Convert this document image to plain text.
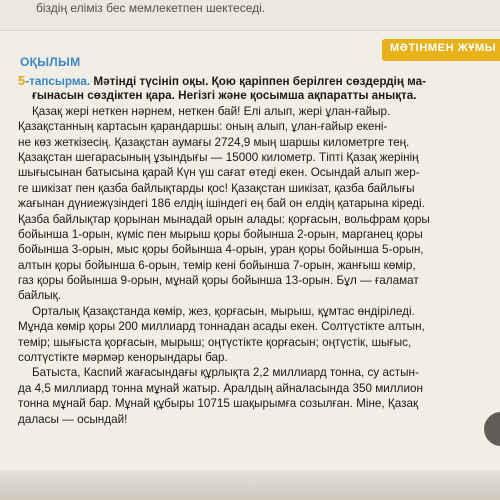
біздің еліміз бес мемлекетпен шектеседі.
МӘТІНМЕН ЖҰМЫ
ОҚЫЛЫМ
5-тапсырма. Мәтінді түсініп оқы. Қою қаріппен берілген сөздердің ма-
ғынасын сөздіктен қара. Негізгі және қосымша ақпаратты анықта.
Қазақ жері неткен нәрнем, неткен бай! Елі алып, жері ұлан-ғайыр.
Қазақстанның картасын қарандаршы: оның алып, ұлан-ғайыр екені-
не көз жеткізесің. Қазақстан аумағы 2724,9 мың шаршы километрге тең.
Қазақстан шегарасының ұзындығы — 15000 километр. Тіпті Қазақ жерінің
шығысынан батысына қарай Күн үш сағат өтеді екен. Осындай алып жер-
ге шикізат пен қазба байлықтарды қос! Қазақстан шикізат, қазба байлығы
жағынан дүниежүзіндегі 186 елдің ішіндегі ең бай он елдің қатарына кіреді.
Қазба байлықтар қорынан мынадай орын алады: қорғасын, вольфрам қоры
бойынша 1-орын, күміс пен мырыш қоры бойынша 2-орын, марганец қоры
бойынша 3-орын, мыс қоры бойынша 4-орын, уран қоры бойынша 5-орын,
алтын қоры бойынша 6-орын, темір кені бойынша 7-орын, жанғыш көмір,
газ қоры бойынша 9-орын, мұнай қоры бойынша 13-орын. Бұл — ғаламат
байлық.
Орталық Қазақстанда көмір, жез, қорғасын, мырыш, құмтас өндіріледі.
Мұнда көмір қоры 200 миллиард тоннадан асады екен. Солтүстікте алтын,
темір; шығыста қорғасын, мырыш; оңтүстікте қорғасын; оңтүстік, шығыс,
солтүстікте мәрмәр кенорындары бар.
Батыста, Каспий жағасындағы құрлықта 2,2 миллиард тонна, су астын-
да 4,5 миллиард тонна мұнай жатыр. Аралдың айналасында 350 миллион
тонна мұнай бар. Мұнай құбыры 10715 шақырымға созылған. Міне, Қазақ
даласы — осындай!
